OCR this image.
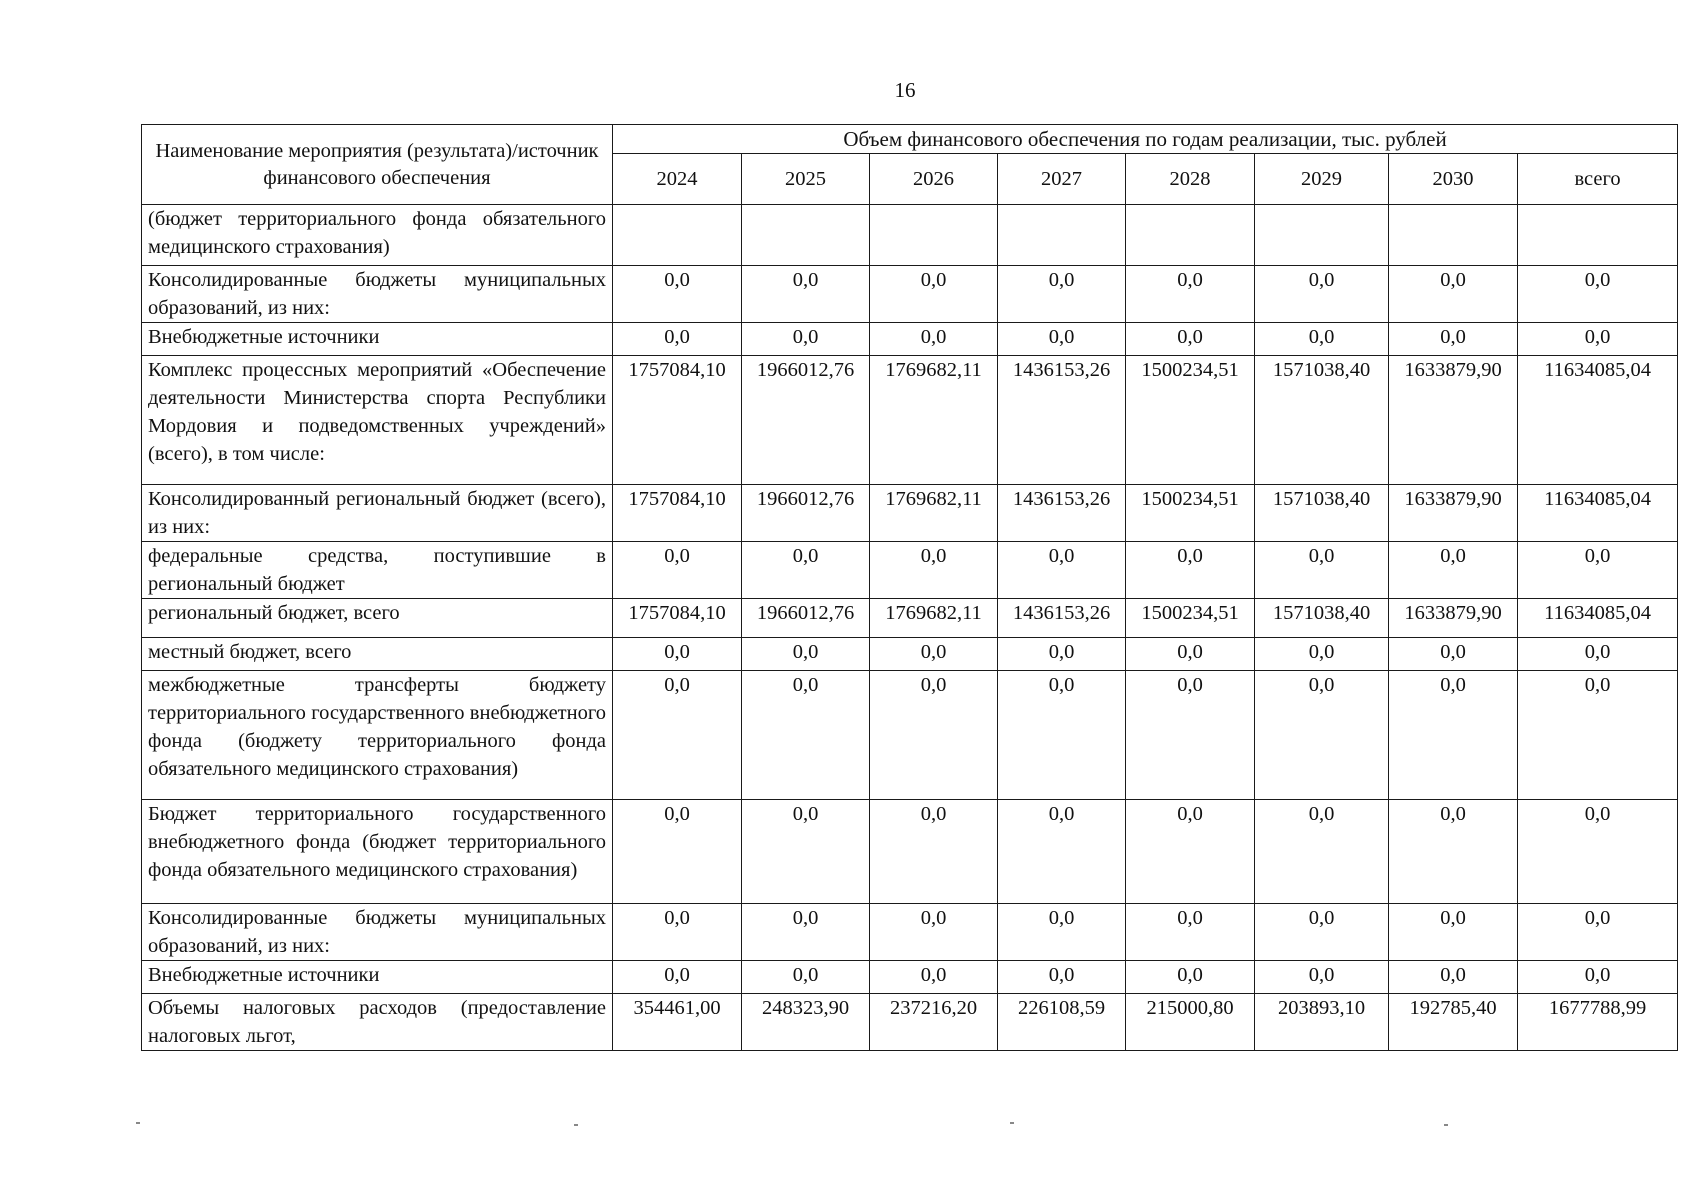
16
Наименование мероприятия (результата)/источник финансового обеспечения	Объем финансового обеспечения по годам реализации, тыс. рублей							
	2024	2025	2026	2027	2028	2029	2030	всего
(бюджет территориального фонда обязательного медицинского страхования)								
Консолидированные бюджеты муниципальных образований, из них:	0,0	0,0	0,0	0,0	0,0	0,0	0,0	0,0
Внебюджетные источники	0,0	0,0	0,0	0,0	0,0	0,0	0,0	0,0
Комплекс процессных мероприятий «Обеспечение деятельности Министерства спорта Республики Мордовия и подведомственных учреждений» (всего), в том числе:	1757084,10	1966012,76	1769682,11	1436153,26	1500234,51	1571038,40	1633879,90	11634085,04
Консолидированный региональный бюджет (всего), из них:	1757084,10	1966012,76	1769682,11	1436153,26	1500234,51	1571038,40	1633879,90	11634085,04
федеральные средства, поступившие в региональный бюджет	0,0	0,0	0,0	0,0	0,0	0,0	0,0	0,0
региональный бюджет, всего	1757084,10	1966012,76	1769682,11	1436153,26	1500234,51	1571038,40	1633879,90	11634085,04
местный бюджет, всего	0,0	0,0	0,0	0,0	0,0	0,0	0,0	0,0
межбюджетные трансферты бюджету территориального государственного внебюджетного фонда (бюджету территориального фонда обязательного медицинского страхования)	0,0	0,0	0,0	0,0	0,0	0,0	0,0	0,0
Бюджет территориального государственного внебюджетного фонда (бюджет территориального фонда обязательного медицинского страхования)	0,0	0,0	0,0	0,0	0,0	0,0	0,0	0,0
Консолидированные бюджеты муниципальных образований, из них:	0,0	0,0	0,0	0,0	0,0	0,0	0,0	0,0
Внебюджетные источники	0,0	0,0	0,0	0,0	0,0	0,0	0,0	0,0
Объемы налоговых расходов (предоставление налоговых льгот,	354461,00	248323,90	237216,20	226108,59	215000,80	203893,10	192785,40	1677788,99
